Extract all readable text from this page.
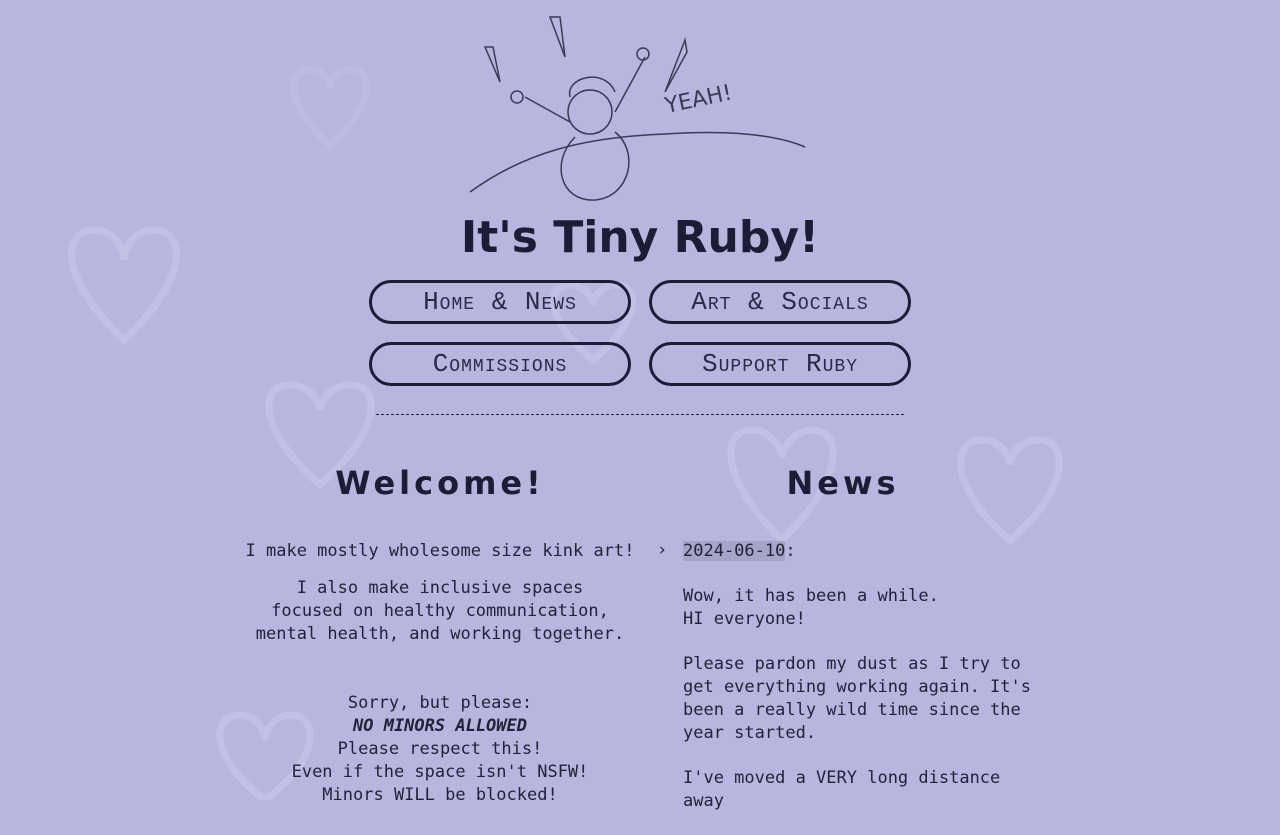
YEAH!
It's Tiny Ruby!
Home & News	Art & Socials
Commissions	Support Ruby
Welcome!	News

I make mostly wholesome size kink art!

I also make inclusive spaces
focused on healthy communication,
mental health, and working together.

Sorry, but please:
NO MINORS ALLOWED
Please respect this!
Even if the space isn't NSFW!
Minors WILL be blocked!

› 2024-06-10:

Wow, it has been a while.
HI everyone!

Please pardon my dust as I try to get everything working again. It's been a really wild time since the year started.

I've moved a VERY long distance away
